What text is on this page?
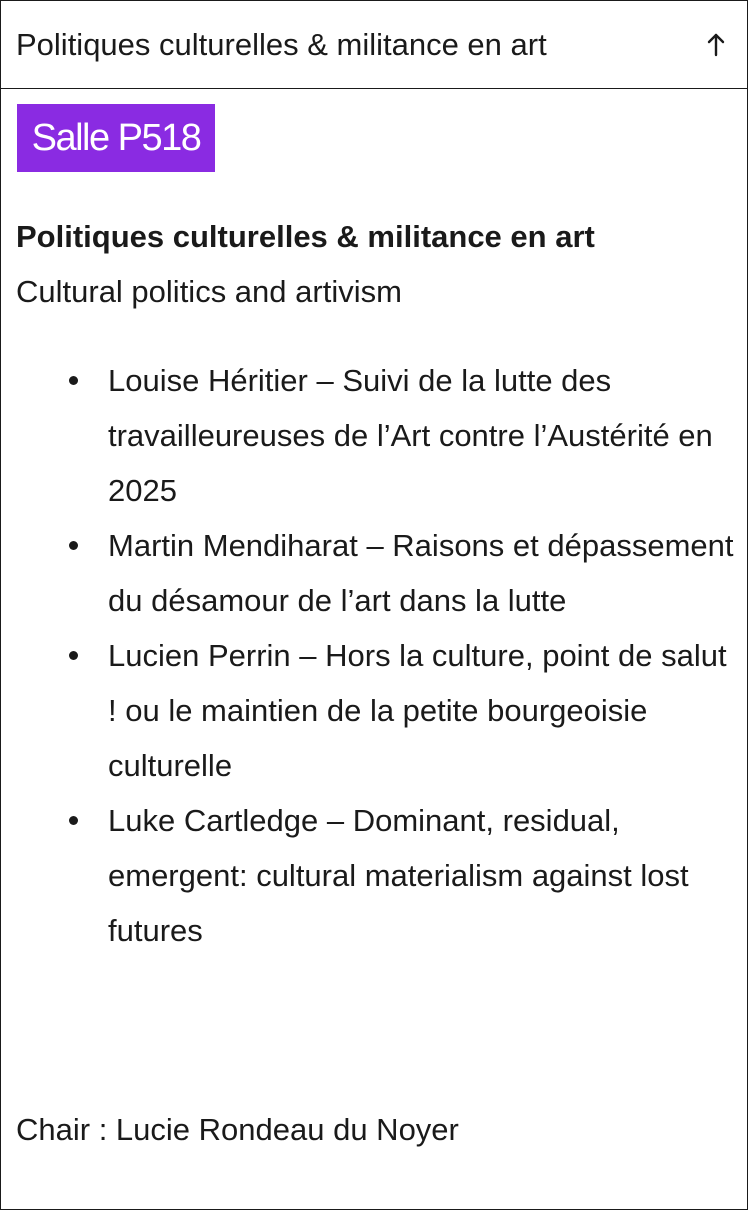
Politiques culturelles & militance en art
Salle P518
Politiques culturelles & militance en art
Cultural politics and artivism
Louise Héritier – Suivi de la lutte des travailleureuses de l’Art contre l’Austérité en 2025
Martin Mendiharat – Raisons et dépassement du désamour de l’art dans la lutte
Lucien Perrin – Hors la culture, point de salut ! ou le maintien de la petite bourgeoisie culturelle
Luke Cartledge – Dominant, residual, emergent: cultural materialism against lost futures
Chair : Lucie Rondeau du Noyer
